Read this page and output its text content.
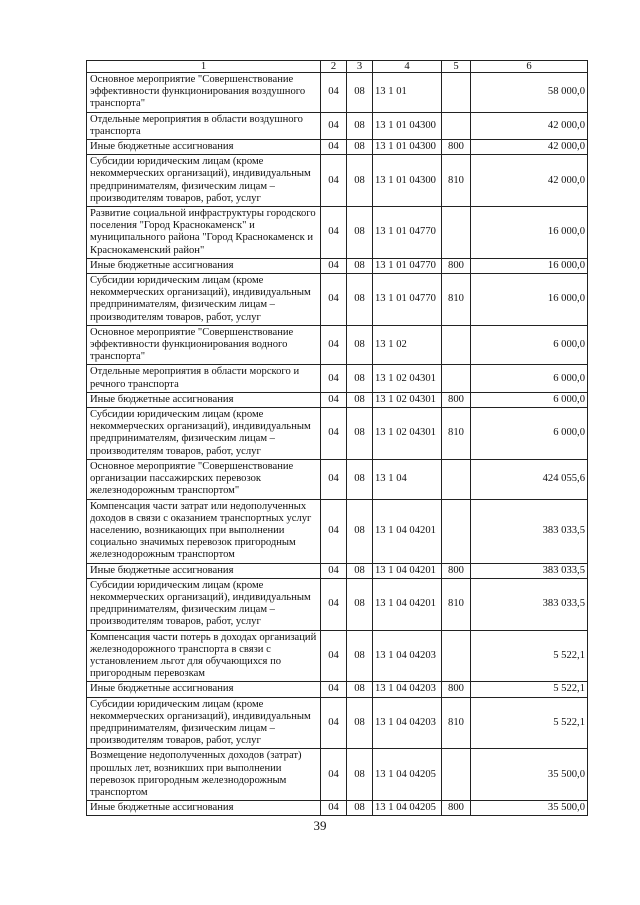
1	2	3	4	5	6
Основное мероприятие "Совершенствование эффективности функционирования воздушного транспорта"	04	08	13 1 01		58 000,0
Отдельные мероприятия в области воздушного транспорта	04	08	13 1 01 04300		42 000,0
Иные бюджетные ассигнования	04	08	13 1 01 04300	800	42 000,0
Субсидии юридическим лицам (кроме некоммерческих организаций), индивидуальным предпринимателям, физическим лицам – производителям товаров, работ, услуг	04	08	13 1 01 04300	810	42 000,0
Развитие социальной инфраструктуры городского поселения "Город Краснокаменск" и муниципального района "Город Краснокаменск и Краснокаменский район"	04	08	13 1 01 04770		16 000,0
Иные бюджетные ассигнования	04	08	13 1 01 04770	800	16 000,0
Субсидии юридическим лицам (кроме некоммерческих организаций), индивидуальным предпринимателям, физическим лицам – производителям товаров, работ, услуг	04	08	13 1 01 04770	810	16 000,0
Основное мероприятие "Совершенствование эффективности функционирования водного транспорта"	04	08	13 1 02		6 000,0
Отдельные мероприятия в области морского и речного транспорта	04	08	13 1 02 04301		6 000,0
Иные бюджетные ассигнования	04	08	13 1 02 04301	800	6 000,0
Субсидии юридическим лицам (кроме некоммерческих организаций), индивидуальным предпринимателям, физическим лицам – производителям товаров, работ, услуг	04	08	13 1 02 04301	810	6 000,0
Основное мероприятие "Совершенствование организации пассажирских перевозок железнодорожным транспортом"	04	08	13 1 04		424 055,6
Компенсация части затрат или недополученных доходов в связи с оказанием транспортных услуг населению, возникающих при выполнении социально значимых перевозок пригородным железнодорожным транспортом	04	08	13 1 04 04201		383 033,5
Иные бюджетные ассигнования	04	08	13 1 04 04201	800	383 033,5
Субсидии юридическим лицам (кроме некоммерческих организаций), индивидуальным предпринимателям, физическим лицам – производителям товаров, работ, услуг	04	08	13 1 04 04201	810	383 033,5
Компенсация части потерь в доходах организаций железнодорожного транспорта в связи с установлением льгот для обучающихся по пригородным перевозкам	04	08	13 1 04 04203		5 522,1
Иные бюджетные ассигнования	04	08	13 1 04 04203	800	5 522,1
Субсидии юридическим лицам (кроме некоммерческих организаций), индивидуальным предпринимателям, физическим лицам – производителям товаров, работ, услуг	04	08	13 1 04 04203	810	5 522,1
Возмещение недополученных доходов (затрат) прошлых лет, возникших при выполнении перевозок пригородным железнодорожным транспортом	04	08	13 1 04 04205		35 500,0
Иные бюджетные ассигнования	04	08	13 1 04 04205	800	35 500,0
39
